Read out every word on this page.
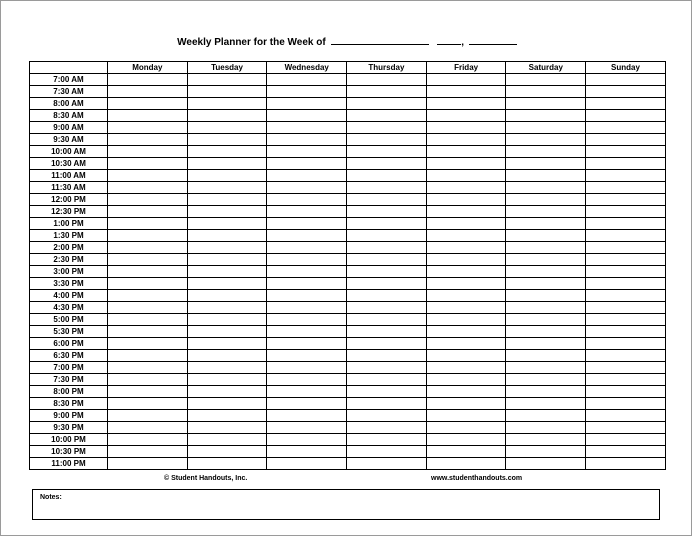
Weekly Planner for the Week of	,
	Monday	Tuesday	Wednesday	Thursday	Friday	Saturday	Sunday
7:00 AM							
7:30 AM							
8:00 AM							
8:30 AM							
9:00 AM							
9:30 AM							
10:00 AM							
10:30 AM							
11:00 AM							
11:30 AM							
12:00 PM							
12:30 PM							
1:00 PM							
1:30 PM							
2:00 PM							
2:30 PM							
3:00 PM							
3:30 PM							
4:00 PM							
4:30 PM							
5:00 PM							
5:30 PM							
6:00 PM							
6:30 PM							
7:00 PM							
7:30 PM							
8:00 PM							
8:30 PM							
9:00 PM							
9:30 PM							
10:00 PM							
10:30 PM							
11:00 PM							
© Student Handouts, Inc.	www.studenthandouts.com
Notes:
